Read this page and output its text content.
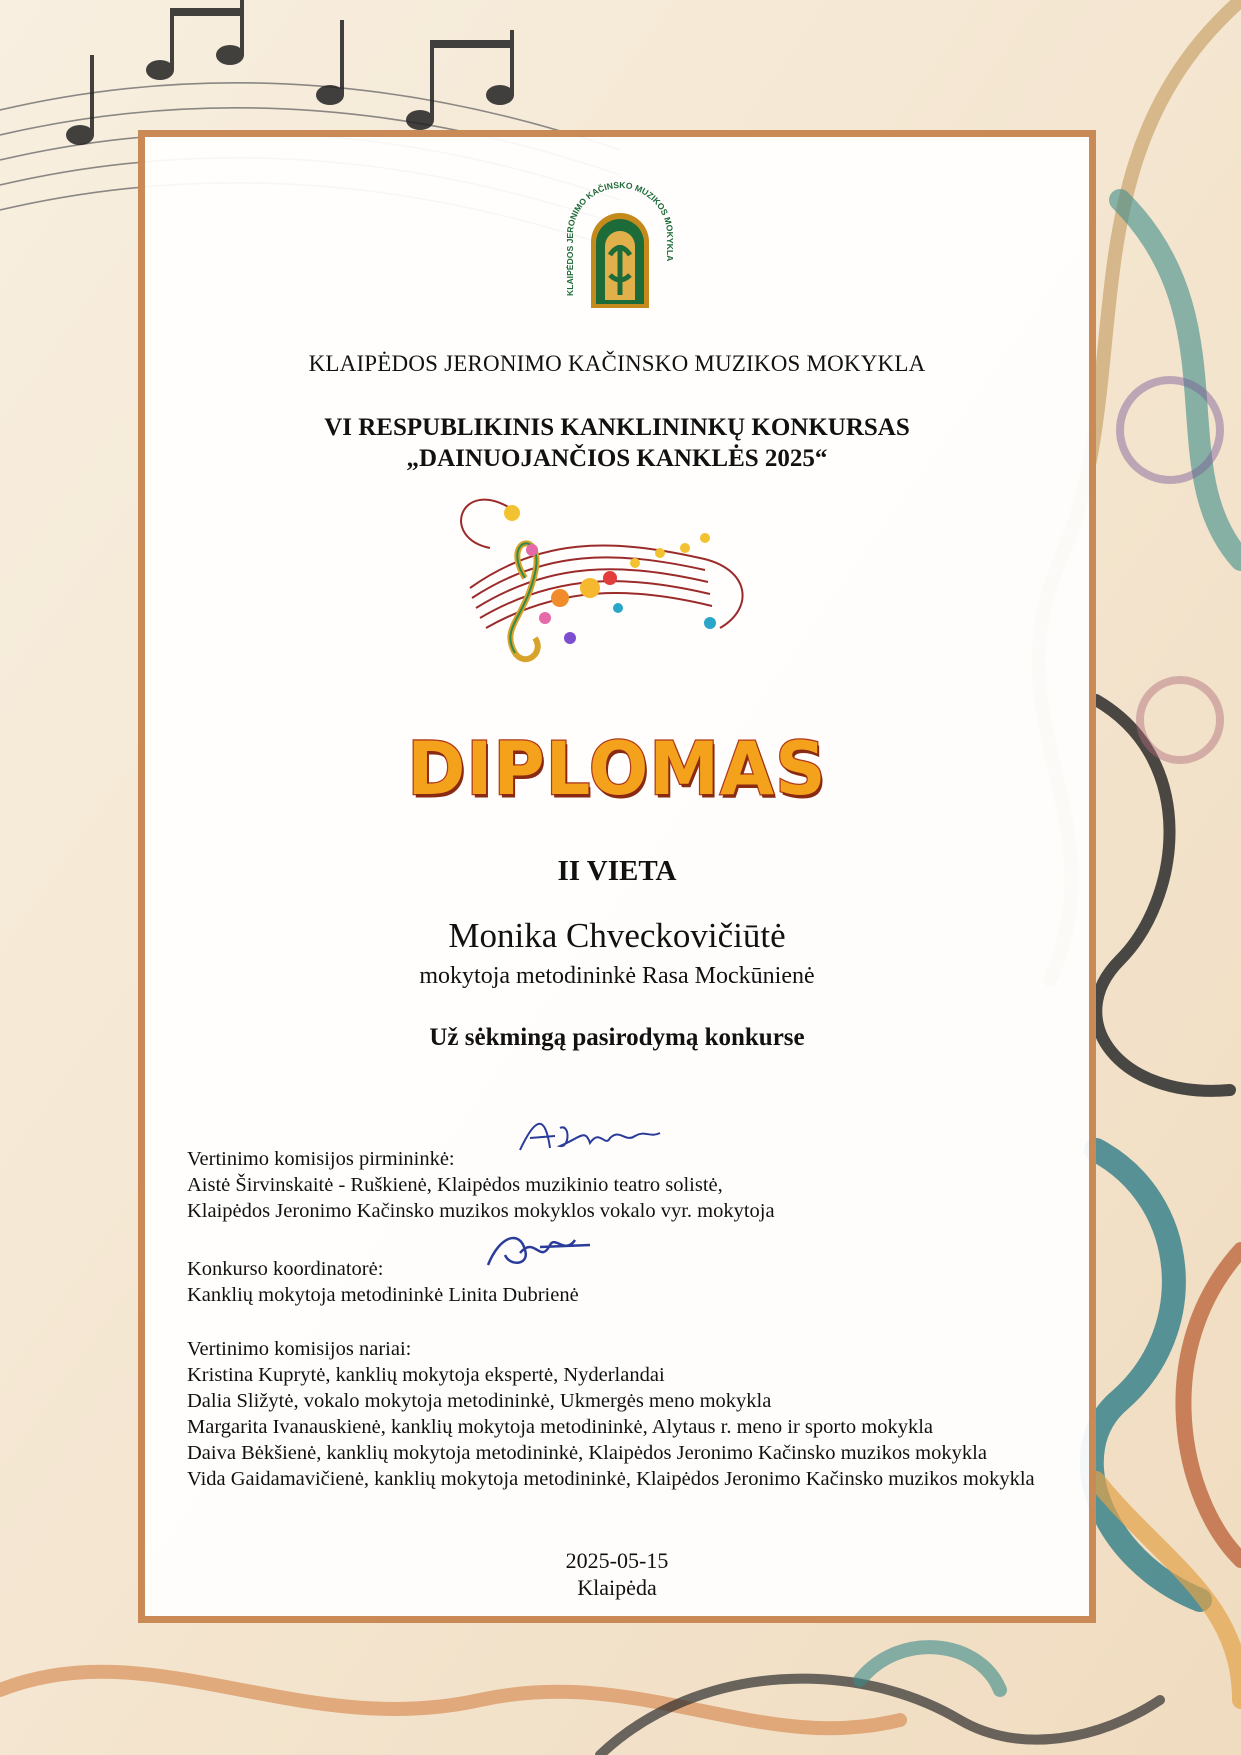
KLAIPĖDOS JERONIMO KAČINSKO MUZIKOS MOKYKLA
KLAIPĖDOS JERONIMO KAČINSKO MUZIKOS MOKYKLA
VI RESPUBLIKINIS KANKLININKŲ KONKURSAS
„DAINUOJANČIOS KANKLĖS 2025“
DIPLOMAS
II VIETA
Monika Chveckovičiūtė
mokytoja metodininkė Rasa Mockūnienė
Už sėkmingą pasirodymą konkurse
Vertinimo komisijos pirmininkė:
Aistė Širvinskaitė - Ruškienė, Klaipėdos muzikinio teatro solistė,
Klaipėdos Jeronimo Kačinsko muzikos mokyklos vokalo vyr. mokytoja
Konkurso koordinatorė:
Kanklių mokytoja metodininkė Linita Dubrienė
Vertinimo komisijos nariai:
Kristina Kuprytė, kanklių mokytoja ekspertė, Nyderlandai
Dalia Sližytė, vokalo mokytoja metodininkė, Ukmergės meno mokykla
Margarita Ivanauskienė, kanklių mokytoja metodininkė, Alytaus r. meno ir sporto mokykla
Daiva Bėkšienė, kanklių mokytoja metodininkė, Klaipėdos Jeronimo Kačinsko muzikos mokykla
Vida Gaidamavičienė, kanklių mokytoja metodininkė, Klaipėdos Jeronimo Kačinsko muzikos mokykla
2025-05-15
Klaipėda
